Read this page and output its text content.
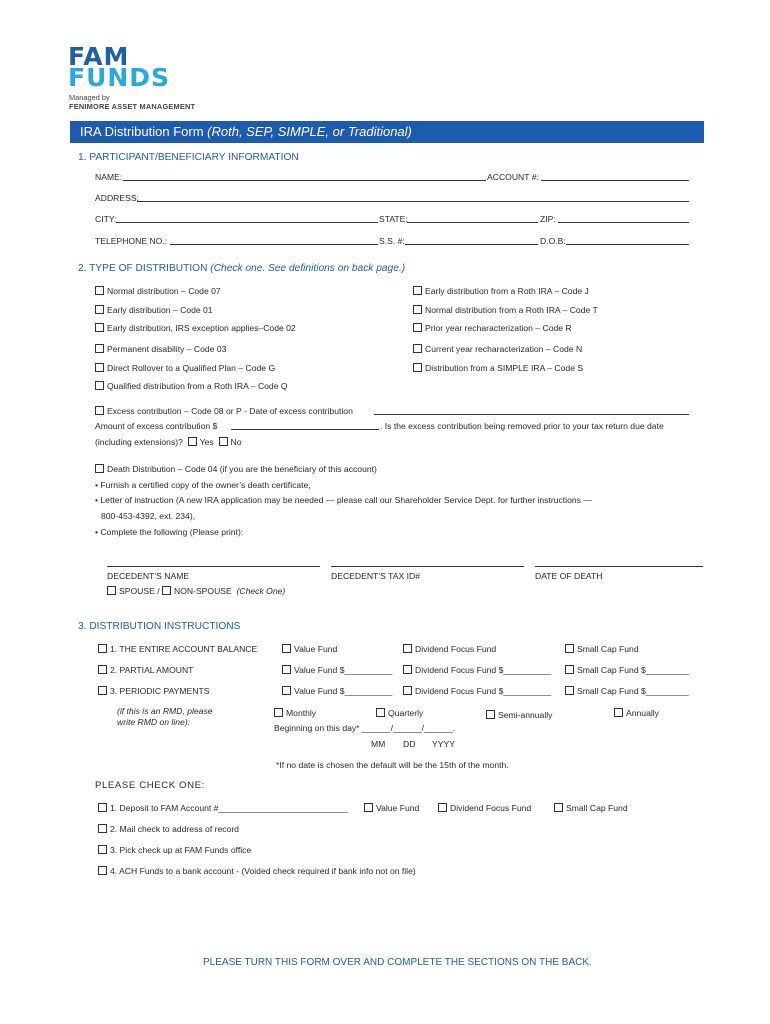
FAM
FUNDS
Managed by
FENIMORE ASSET MANAGEMENT
IRA Distribution Form (Roth, SEP, SIMPLE, or Traditional)
1. PARTICIPANT/BENEFICIARY INFORMATION
NAME:	ACCOUNT #:
ADDRESS:
CITY:	STATE:	ZIP:
TELEPHONE NO.:	S.S. #:	D.O.B:
2. TYPE OF DISTRIBUTION (Check one. See definitions on back page.)
Normal distribution – Code 07
Early distribution – Code 01
Early distribution, IRS exception applies–Code 02
Permanent disability – Code 03
Direct Rollover to a Qualified Plan – Code G
Qualified distribution from a Roth IRA – Code Q
Early distribution from a Roth IRA – Code J
Normal distribution from a Roth IRA – Code T
Prior year recharacterization – Code R
Current year recharacterization – Code N
Distribution from a SIMPLE IRA – Code S
Excess contribution – Code 08 or P - Date of excess contribution
Amount of excess contribution $	. Is the excess contribution being removed prior to your tax return due date
(including extensions)? Yes No
Death Distribution – Code 04 (if you are the beneficiary of this account)
• Furnish a certified copy of the owner’s death certificate,
• Letter of instruction (A new IRA application may be needed — please call our Shareholder Service Dept. for further instructions —
800-453-4392, ext. 234),
• Complete the following (Please print):
DECEDENT’S NAME	DECEDENT’S TAX ID#	DATE OF DEATH
SPOUSE / NON-SPOUSE (Check One)
3. DISTRIBUTION INSTRUCTIONS
1. THE ENTIRE ACCOUNT BALANCE	Value Fund	Dividend Focus Fund	Small Cap Fund
2. PARTIAL AMOUNT	Value Fund $__________	Dividend Focus Fund $__________	Small Cap Fund $_________
3. PERIODIC PAYMENTS	Value Fund $__________	Dividend Focus Fund $__________	Small Cap Fund $_________
(if this is an RMD, please
write RMD on line):
Monthly	Quarterly	Semi-annually	Annually
Beginning on this day* ______/______/______.
MM DD YYYY
*If no date is chosen the default will be the 15th of the month.
PLEASE CHECK ONE:
1. Deposit to FAM Account #___________________________	Value Fund	Dividend Focus Fund	Small Cap Fund
2. Mail check to address of record
3. Pick check up at FAM Funds office
4. ACH Funds to a bank account - (Voided check required if bank info not on file)
PLEASE TURN THIS FORM OVER AND COMPLETE THE SECTIONS ON THE BACK.
